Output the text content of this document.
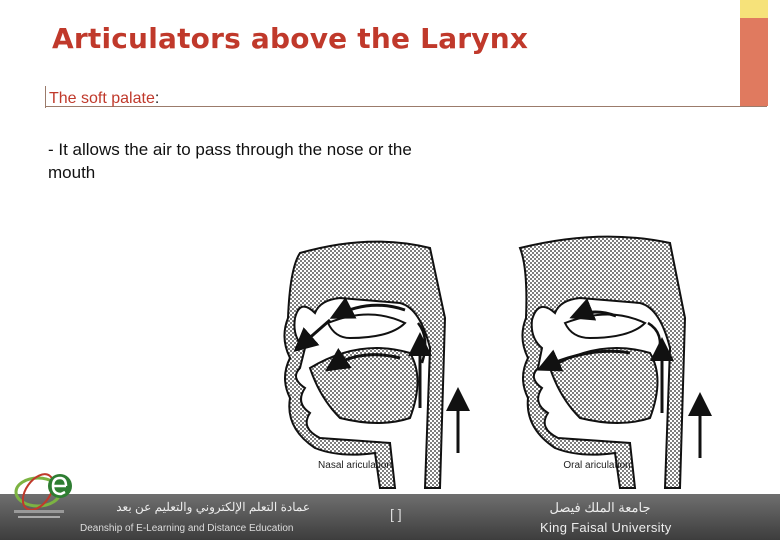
Articulators above the Larynx
The soft palate:
- It allows the air to pass through the nose or the mouth
Nasal ariculation	Oral ariculation
عمادة التعلم الإلكتروني والتعليم عن بعد
Deanship of E-Learning and Distance Education
[ ]	جامعة الملك فيصل
King Faisal University
